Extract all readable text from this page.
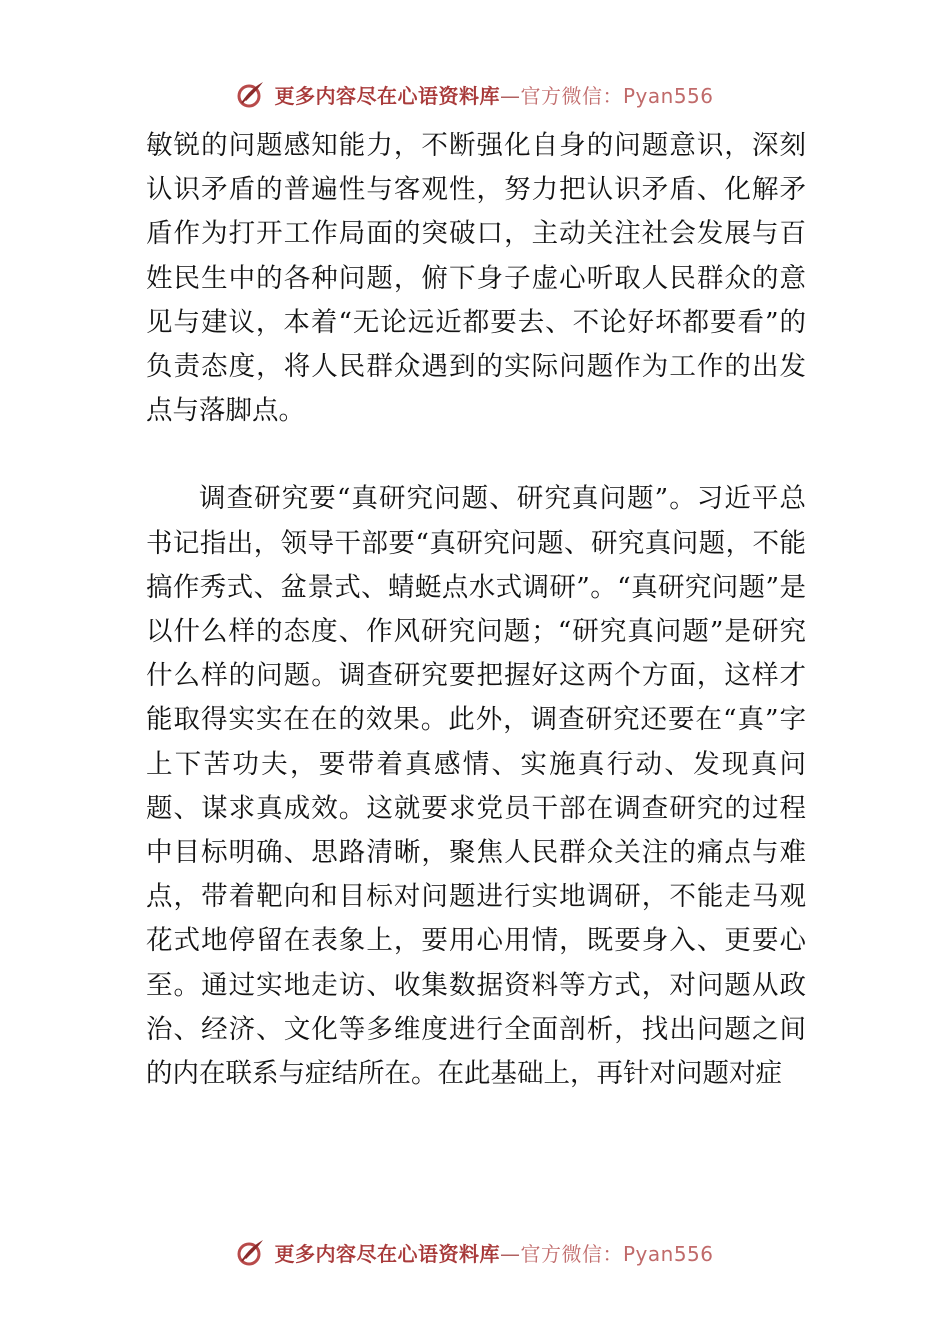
更多内容尽在心语资料库—官方微信：Pyan556

敏锐的问题感知能力，不断强化自身的问题意识，深刻认识矛盾的普遍性与客观性，努力把认识矛盾、化解矛盾作为打开工作局面的突破口，主动关注社会发展与百姓民生中的各种问题，俯下身子虚心听取人民群众的意见与建议，本着“无论远近都要去、不论好坏都要看”的负责态度，将人民群众遇到的实际问题作为工作的出发点与落脚点。

调查研究要“真研究问题、研究真问题”。习近平总书记指出，领导干部要“真研究问题、研究真问题，不能搞作秀式、盆景式、蜻蜓点水式调研”。“真研究问题”是以什么样的态度、作风研究问题；“研究真问题”是研究什么样的问题。调查研究要把握好这两个方面，这样才能取得实实在在的效果。此外，调查研究还要在“真”字上下苦功夫，要带着真感情、实施真行动、发现真问题、谋求真成效。这就要求党员干部在调查研究的过程中目标明确、思路清晰，聚焦人民群众关注的痛点与难点，带着靶向和目标对问题进行实地调研，不能走马观花式地停留在表象上，要用心用情，既要身入、更要心至。通过实地走访、收集数据资料等方式，对问题从政治、经济、文化等多维度进行全面剖析，找出问题之间的内在联系与症结所在。在此基础上，再针对问题对症

更多内容尽在心语资料库—官方微信：Pyan556
